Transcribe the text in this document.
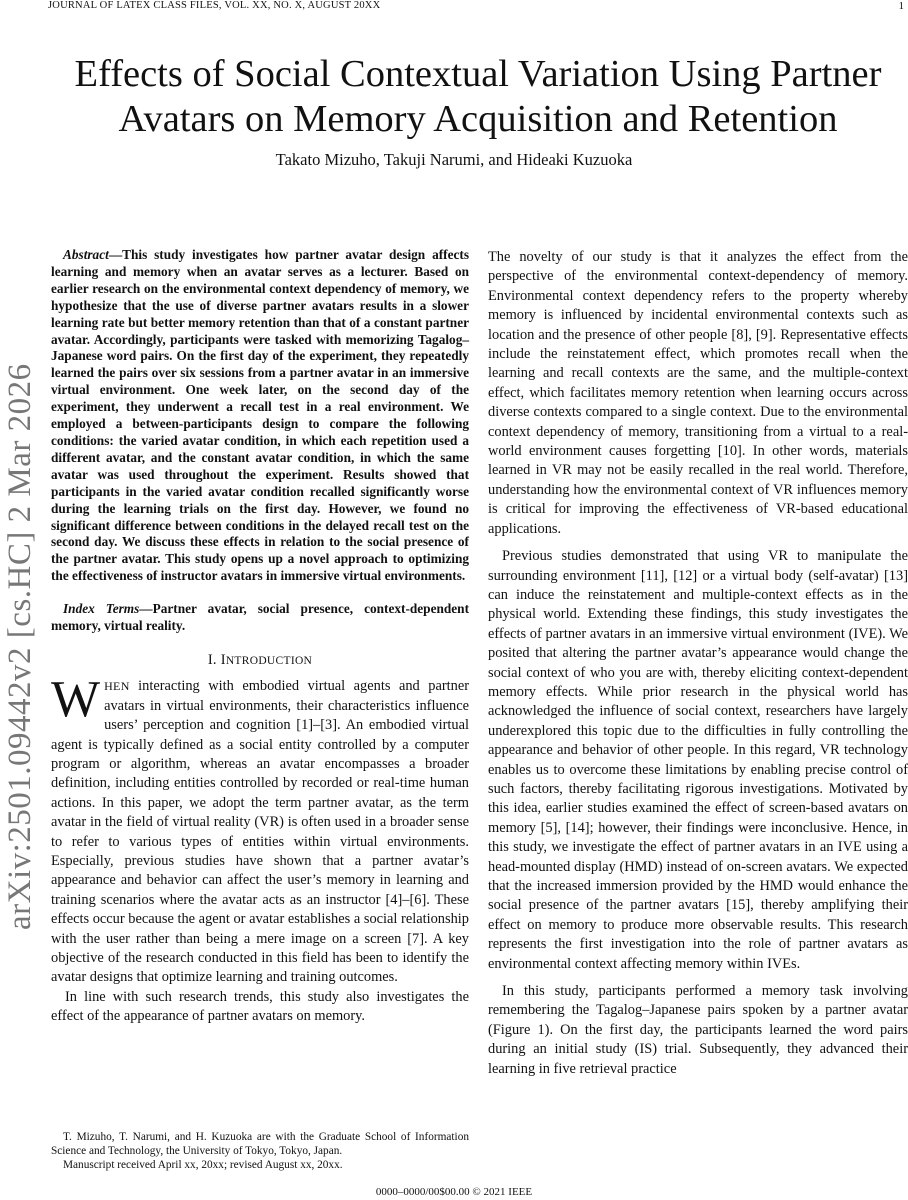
JOURNAL OF LATEX CLASS FILES, VOL. XX, NO. X, AUGUST 20XX	1
arXiv:2501.09442v2 [cs.HC] 2 Mar 2026
Effects of Social Contextual Variation Using Partner Avatars on Memory Acquisition and Retention
Takato Mizuho, Takuji Narumi, and Hideaki Kuzuoka

Abstract—This study investigates how partner avatar design affects learning and memory when an avatar serves as a lecturer. Based on earlier research on the environmental context dependency of memory, we hypothesize that the use of diverse partner avatars results in a slower learning rate but better memory retention than that of a constant partner avatar. Accordingly, participants were tasked with memorizing Tagalog–Japanese word pairs. On the first day of the experiment, they repeatedly learned the pairs over six sessions from a partner avatar in an immersive virtual environment. One week later, on the second day of the experiment, they underwent a recall test in a real environment. We employed a between-participants design to compare the following conditions: the varied avatar condition, in which each repetition used a different avatar, and the constant avatar condition, in which the same avatar was used throughout the experiment. Results showed that participants in the varied avatar condition recalled significantly worse during the learning trials on the first day. However, we found no significant difference between conditions in the delayed recall test on the second day. We discuss these effects in relation to the social presence of the partner avatar. This study opens up a novel approach to optimizing the effectiveness of instructor avatars in immersive virtual environments.

Index Terms—Partner avatar, social presence, context-dependent memory, virtual reality.

I. INTRODUCTION

WHEN interacting with embodied virtual agents and partner avatars in virtual environments, their characteristics influence users’ perception and cognition [1]–[3]. An embodied virtual agent is typically defined as a social entity controlled by a computer program or algorithm, whereas an avatar encompasses a broader definition, including entities controlled by recorded or real-time human actions. In this paper, we adopt the term partner avatar, as the term avatar in the field of virtual reality (VR) is often used in a broader sense to refer to various types of entities within virtual environments. Especially, previous studies have shown that a partner avatar’s appearance and behavior can affect the user’s memory in learning and training scenarios where the avatar acts as an instructor [4]–[6]. These effects occur because the agent or avatar establishes a social relationship with the user rather than being a mere image on a screen [7]. A key objective of the research conducted in this field has been to identify the avatar designs that optimize learning and training outcomes.

In line with such research trends, this study also investigates the effect of the appearance of partner avatars on memory.

The novelty of our study is that it analyzes the effect from the perspective of the environmental context-dependency of memory. Environmental context dependency refers to the property whereby memory is influenced by incidental environmental contexts such as location and the presence of other people [8], [9]. Representative effects include the reinstatement effect, which promotes recall when the learning and recall contexts are the same, and the multiple-context effect, which facilitates memory retention when learning occurs across diverse contexts compared to a single context. Due to the environmental context dependency of memory, transitioning from a virtual to a real-world environment causes forgetting [10]. In other words, materials learned in VR may not be easily recalled in the real world. Therefore, understanding how the environmental context of VR influences memory is critical for improving the effectiveness of VR-based educational applications.

Previous studies demonstrated that using VR to manipulate the surrounding environment [11], [12] or a virtual body (self-avatar) [13] can induce the reinstatement and multiple-context effects as in the physical world. Extending these findings, this study investigates the effects of partner avatars in an immersive virtual environment (IVE). We posited that altering the partner avatar’s appearance would change the social context of who you are with, thereby eliciting context-dependent memory effects. While prior research in the physical world has acknowledged the influence of social context, researchers have largely underexplored this topic due to the difficulties in fully controlling the appearance and behavior of other people. In this regard, VR technology enables us to overcome these limitations by enabling precise control of such factors, thereby facilitating rigorous investigations. Motivated by this idea, earlier studies examined the effect of screen-based avatars on memory [5], [14]; however, their findings were inconclusive. Hence, in this study, we investigate the effect of partner avatars in an IVE using a head-mounted display (HMD) instead of on-screen avatars. We expected that the increased immersion provided by the HMD would enhance the social presence of the partner avatars [15], thereby amplifying their effect on memory to produce more observable results. This research represents the first investigation into the role of partner avatars as environmental context affecting memory within IVEs.

In this study, participants performed a memory task involving remembering the Tagalog–Japanese pairs spoken by a partner avatar (Figure 1). On the first day, the participants learned the word pairs during an initial study (IS) trial. Subsequently, they advanced their learning in five retrieval practice

T. Mizuho, T. Narumi, and H. Kuzuoka are with the Graduate School of Information Science and Technology, the University of Tokyo, Tokyo, Japan.

Manuscript received April xx, 20xx; revised August xx, 20xx.

0000–0000/00$00.00 © 2021 IEEE
